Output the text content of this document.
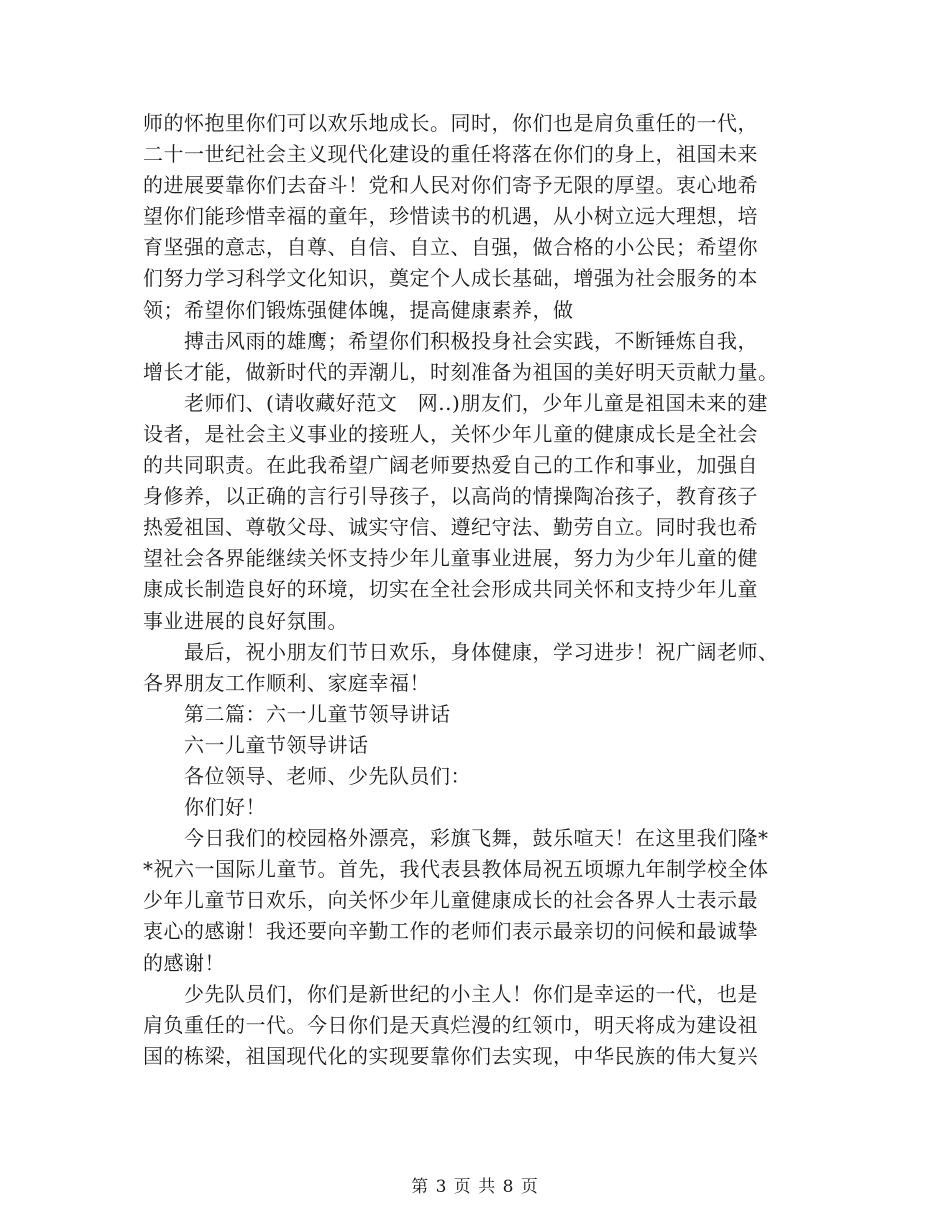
师的怀抱里你们可以欢乐地成长。同时，你们也是肩负重任的一代，
二十一世纪社会主义现代化建设的重任将落在你们的身上，祖国未来
的进展要靠你们去奋斗！党和人民对你们寄予无限的厚望。衷心地希
望你们能珍惜幸福的童年，珍惜读书的机遇，从小树立远大理想，培
育坚强的意志，自尊、自信、自立、自强，做合格的小公民；希望你
们努力学习科学文化知识，奠定个人成长基础，增强为社会服务的本
领；希望你们锻炼强健体魄，提高健康素养，做
　　搏击风雨的雄鹰；希望你们积极投身社会实践，不断锤炼自我，
增长才能，做新时代的弄潮儿，时刻准备为祖国的美好明天贡献力量。
　　老师们、(请收藏好范文　网..)朋友们，少年儿童是祖国未来的建
设者，是社会主义事业的接班人，关怀少年儿童的健康成长是全社会
的共同职责。在此我希望广阔老师要热爱自己的工作和事业，加强自
身修养，以正确的言行引导孩子，以高尚的情操陶冶孩子，教育孩子
热爱祖国、尊敬父母、诚实守信、遵纪守法、勤劳自立。同时我也希
望社会各界能继续关怀支持少年儿童事业进展，努力为少年儿童的健
康成长制造良好的环境，切实在全社会形成共同关怀和支持少年儿童
事业进展的良好氛围。
　　最后，祝小朋友们节日欢乐，身体健康，学习进步！祝广阔老师、
各界朋友工作顺利、家庭幸福！
　　第二篇：六一儿童节领导讲话
　　六一儿童节领导讲话
　　各位领导、老师、少先队员们：
　　你们好！
　　今日我们的校园格外漂亮，彩旗飞舞，鼓乐喧天！在这里我们隆*
*祝六一国际儿童节。首先，我代表县教体局祝五顷塬九年制学校全体
少年儿童节日欢乐，向关怀少年儿童健康成长的社会各界人士表示最
衷心的感谢！我还要向辛勤工作的老师们表示最亲切的问候和最诚挚
的感谢！
　　少先队员们，你们是新世纪的小主人！你们是幸运的一代，也是
肩负重任的一代。今日你们是天真烂漫的红领巾，明天将成为建设祖
国的栋梁，祖国现代化的实现要靠你们去实现，中华民族的伟大复兴
第 3 页 共 8 页
